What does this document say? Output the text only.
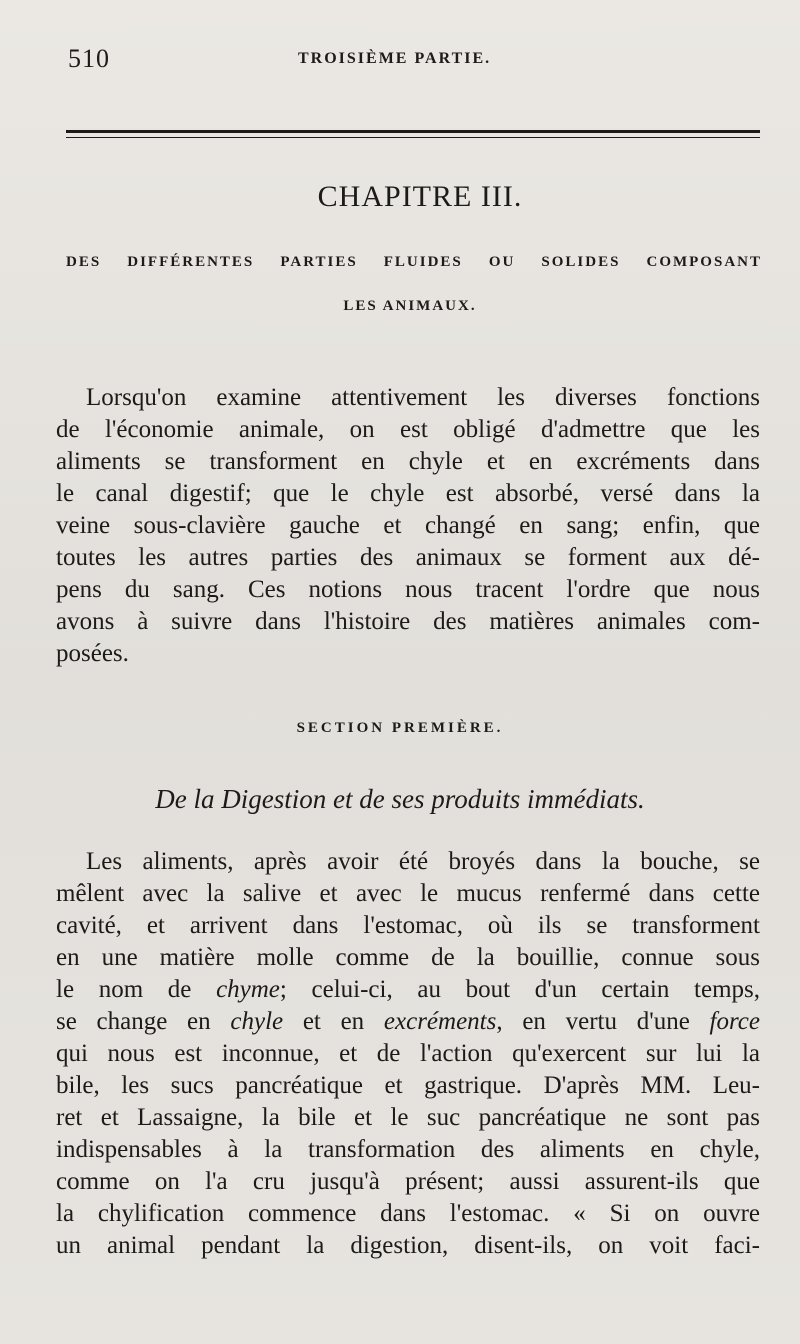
510	TROISIÈME PARTIE.
CHAPITRE III.
DES DIFFÉRENTES PARTIES FLUIDES OU SOLIDES COMPOSANT
LES ANIMAUX.
Lorsqu'on examine attentivement les diverses fonctions
de l'économie animale, on est obligé d'admettre que les
aliments se transforment en chyle et en excréments dans
le canal digestif; que le chyle est absorbé, versé dans la
veine sous-clavière gauche et changé en sang; enfin, que
toutes les autres parties des animaux se forment aux dé-
pens du sang. Ces notions nous tracent l'ordre que nous
avons à suivre dans l'histoire des matières animales com-
posées.
SECTION PREMIÈRE.
De la Digestion et de ses produits immédiats.
Les aliments, après avoir été broyés dans la bouche, se
mêlent avec la salive et avec le mucus renfermé dans cette
cavité, et arrivent dans l'estomac, où ils se transforment
en une matière molle comme de la bouillie, connue sous
le nom de chyme; celui-ci, au bout d'un certain temps,
se change en chyle et en excréments, en vertu d'une force
qui nous est inconnue, et de l'action qu'exercent sur lui la
bile, les sucs pancréatique et gastrique. D'après MM. Leu-
ret et Lassaigne, la bile et le suc pancréatique ne sont pas
indispensables à la transformation des aliments en chyle,
comme on l'a cru jusqu'à présent; aussi assurent-ils que
la chylification commence dans l'estomac. « Si on ouvre
un animal pendant la digestion, disent-ils, on voit faci-
